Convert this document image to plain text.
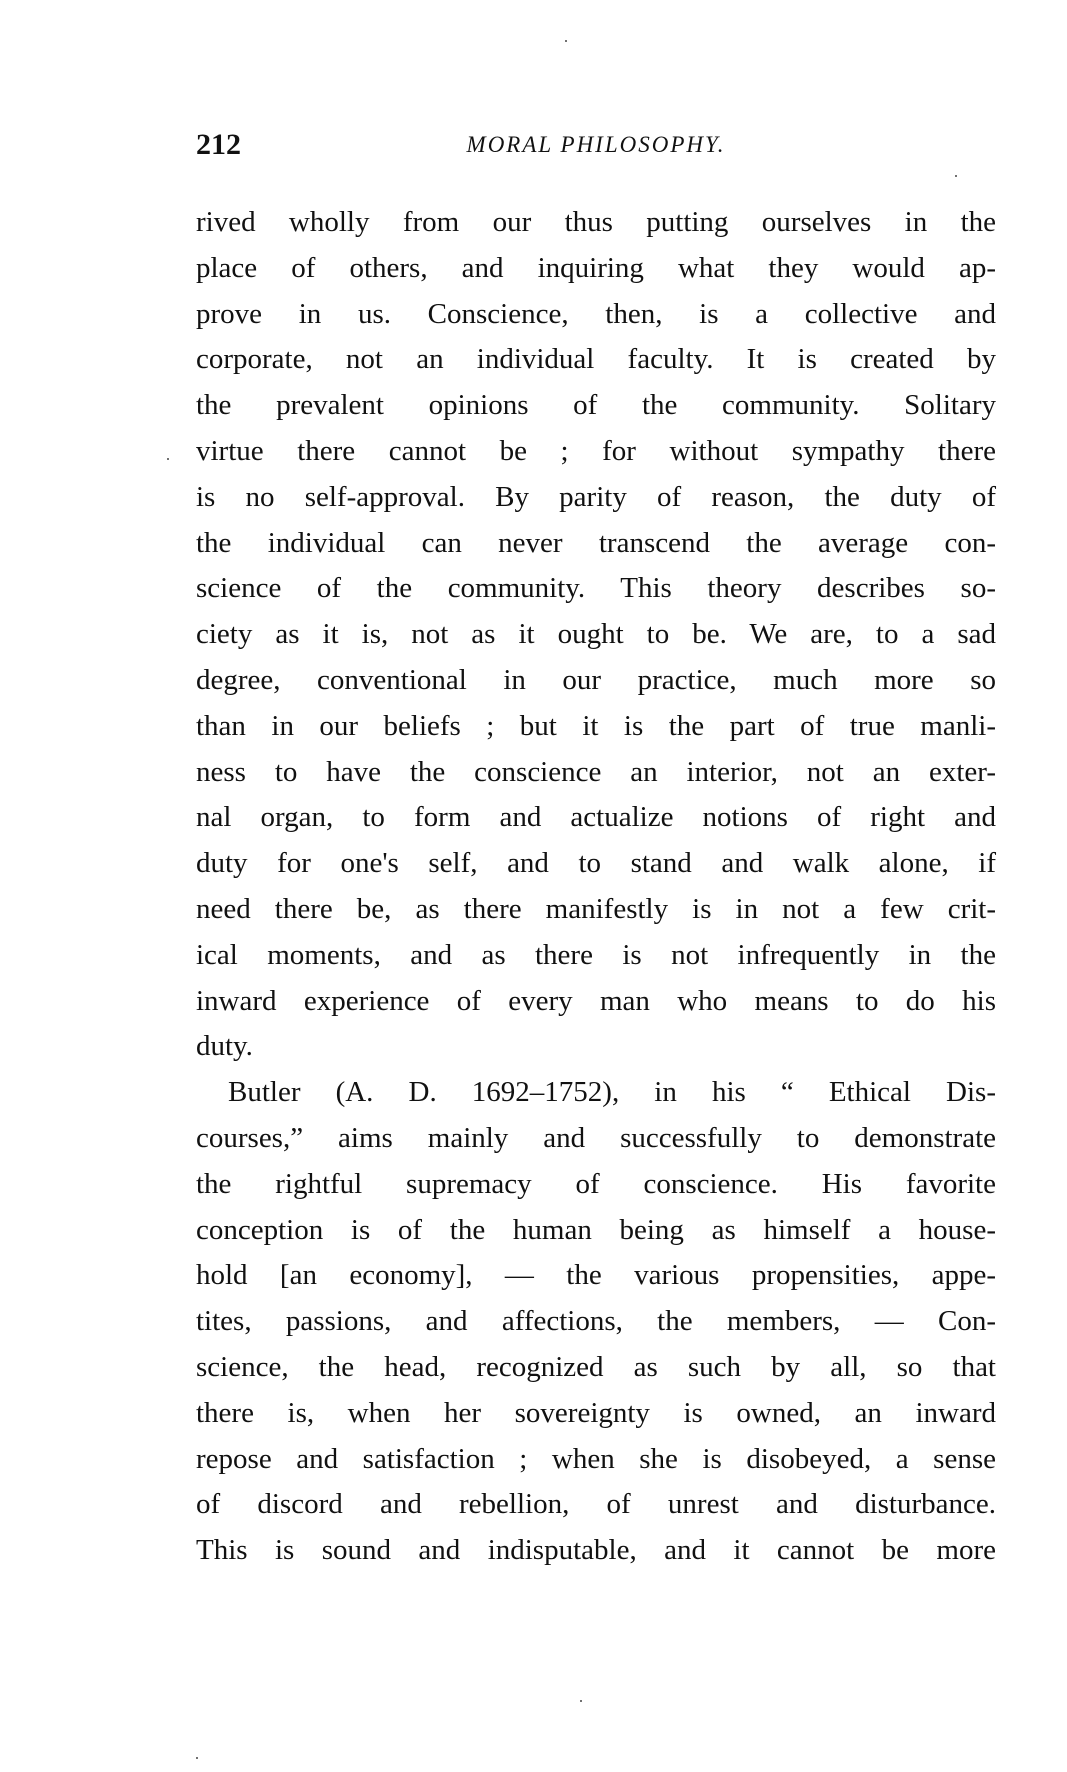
212	MORAL PHILOSOPHY.
rived wholly from our thus putting ourselves in the
place of others, and inquiring what they would ap-
prove in us. Conscience, then, is a collective and
corporate, not an individual faculty. It is created by
the prevalent opinions of the community. Solitary
virtue there cannot be ; for without sympathy there
is no self-approval. By parity of reason, the duty of
the individual can never transcend the average con-
science of the community. This theory describes so-
ciety as it is, not as it ought to be. We are, to a sad
degree, conventional in our practice, much more so
than in our beliefs ; but it is the part of true manli-
ness to have the conscience an interior, not an exter-
nal organ, to form and actualize notions of right and
duty for one's self, and to stand and walk alone, if
need there be, as there manifestly is in not a few crit-
ical moments, and as there is not infrequently in the
inward experience of every man who means to do his
duty.
Butler (A. D. 1692–1752), in his “ Ethical Dis-
courses,” aims mainly and successfully to demonstrate
the rightful supremacy of conscience. His favorite
conception is of the human being as himself a house-
hold [an economy], — the various propensities, appe-
tites, passions, and affections, the members, — Con-
science, the head, recognized as such by all, so that
there is, when her sovereignty is owned, an inward
repose and satisfaction ; when she is disobeyed, a sense
of discord and rebellion, of unrest and disturbance.
This is sound and indisputable, and it cannot be more
